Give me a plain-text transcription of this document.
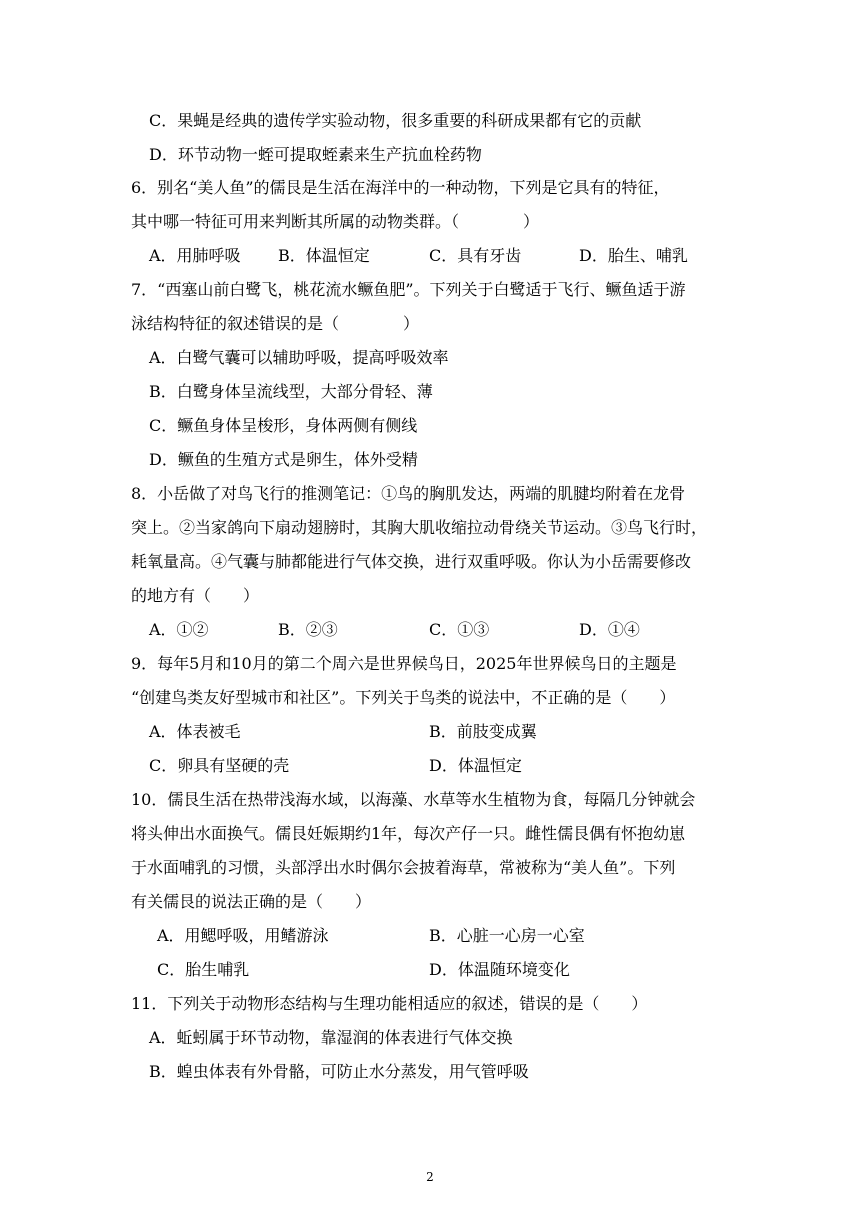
C．果蝇是经典的遗传学实验动物，很多重要的科研成果都有它的贡献
D．环节动物一蛭可提取蛭素来生产抗血栓药物
6．别名“美人鱼”的儒艮是生活在海洋中的一种动物，下列是它具有的特征，
其中哪一特征可用来判断其所属的动物类群。（　　　　）
A．用肺呼吸 B．体温恒定	C．具有牙齿	D．胎生、哺乳
7．“西塞山前白鹭飞，桃花流水鳜鱼肥”。下列关于白鹭适于飞行、鳜鱼适于游
泳结构特征的叙述错误的是（　　　　）
A．白鹭气囊可以辅助呼吸，提高呼吸效率
B．白鹭身体呈流线型，大部分骨轻、薄
C．鳜鱼身体呈梭形，身体两侧有侧线
D．鳜鱼的生殖方式是卵生，体外受精
8．小岳做了对鸟飞行的推测笔记：①鸟的胸肌发达，两端的肌腱均附着在龙骨
突上。②当家鸽向下扇动翅膀时，其胸大肌收缩拉动骨绕关节运动。③鸟飞行时，
耗氧量高。④气囊与肺都能进行气体交换，进行双重呼吸。你认为小岳需要修改
的地方有（　　）
A．①②	B．②③	C．①③	D．①④
9．每年5月和10月的第二个周六是世界候鸟日，2025年世界候鸟日的主题是
“创建鸟类友好型城市和社区”。下列关于鸟类的说法中，不正确的是（　　）
A．体表被毛	B．前肢变成翼
C．卵具有坚硬的壳	D．体温恒定
10．儒艮生活在热带浅海水域，以海藻、水草等水生植物为食，每隔几分钟就会
将头伸出水面换气。儒艮妊娠期约1年，每次产仔一只。雌性儒艮偶有怀抱幼崽
于水面哺乳的习惯，头部浮出水时偶尔会披着海草，常被称为“美人鱼”。下列
有关儒艮的说法正确的是（　　）
A．用鳃呼吸，用鳍游泳	B．心脏一心房一心室
C．胎生哺乳	D．体温随环境变化
11．下列关于动物形态结构与生理功能相适应的叙述，错误的是（　　）
A．蚯蚓属于环节动物，靠湿润的体表进行气体交换
B．蝗虫体表有外骨骼，可防止水分蒸发，用气管呼吸
2
